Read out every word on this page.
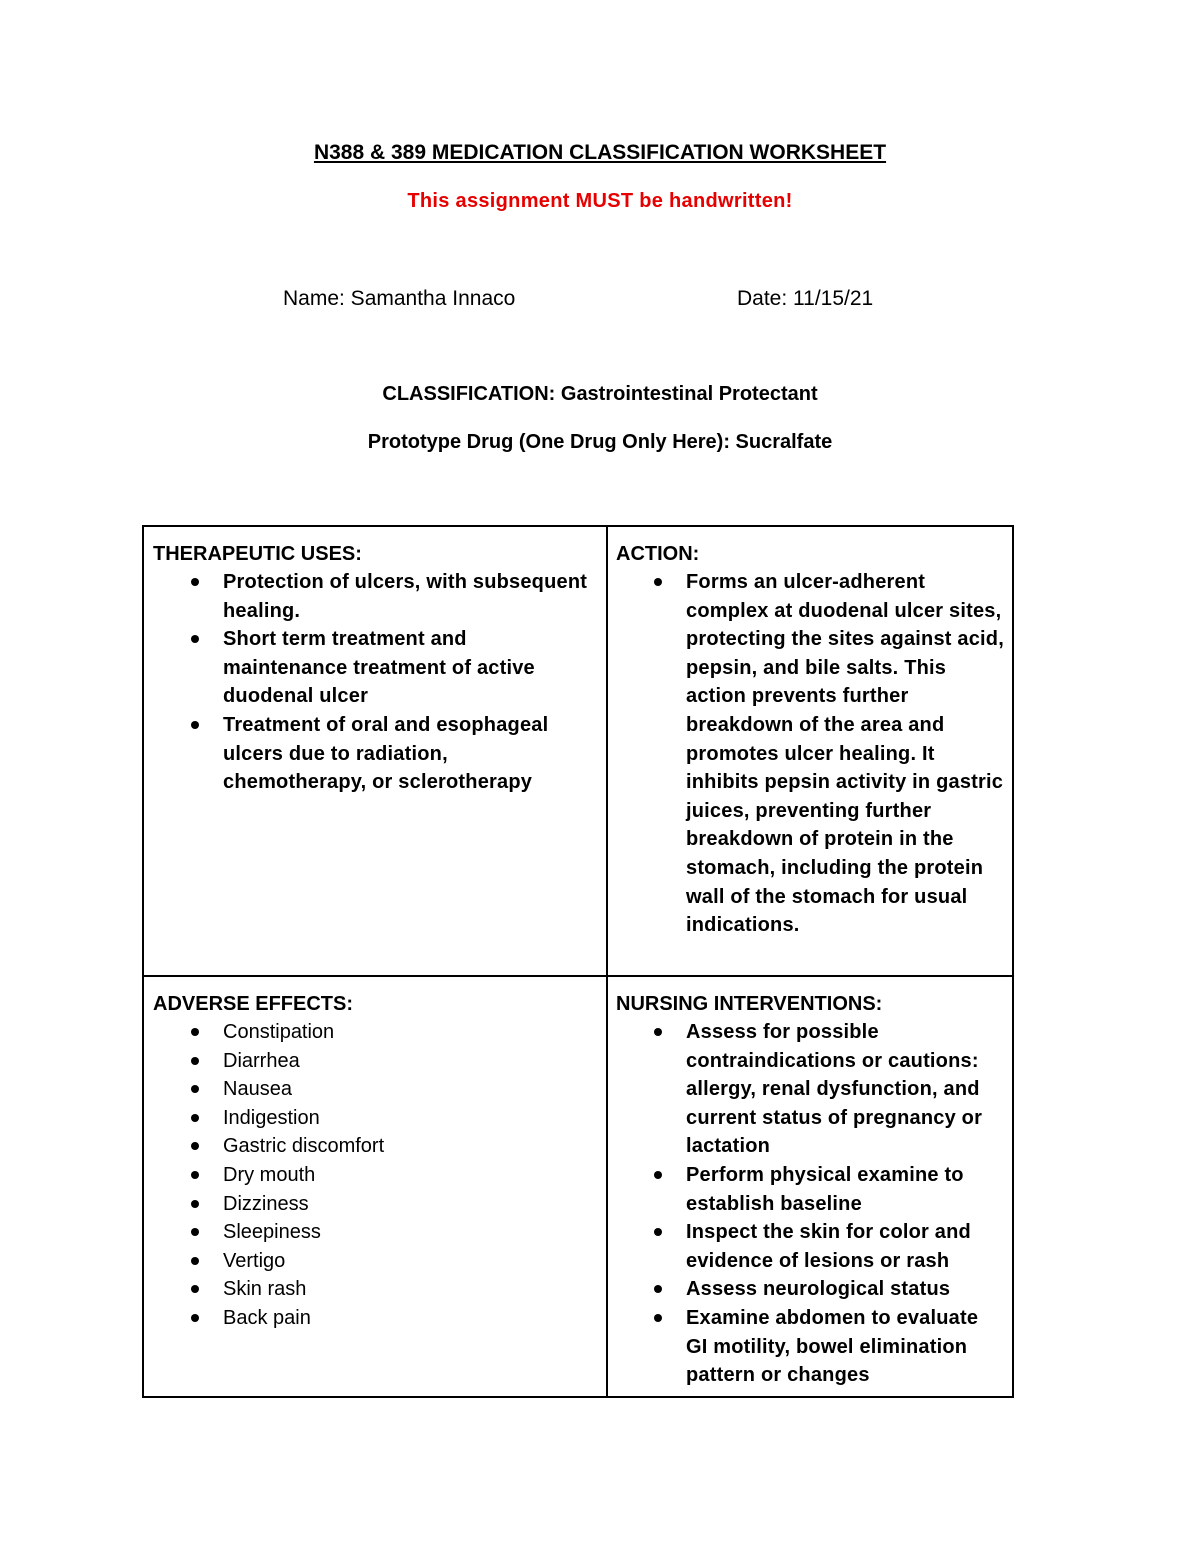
N388 & 389 MEDICATION CLASSIFICATION WORKSHEET
This assignment MUST be handwritten!
Name: Samantha Innaco	Date: 11/15/21
CLASSIFICATION: Gastrointestinal Protectant
Prototype Drug (One Drug Only Here): Sucralfate
THERAPEUTIC USES:
Protection of ulcers, with subsequent healing.
Short term treatment and maintenance treatment of active duodenal ulcer
Treatment of oral and esophageal ulcers due to radiation, chemotherapy, or sclerotherapy
ACTION:
Forms an ulcer-adherent complex at duodenal ulcer sites, protecting the sites against acid, pepsin, and bile salts. This action prevents further breakdown of the area and promotes ulcer healing. It inhibits pepsin activity in gastric juices, preventing further breakdown of protein in the stomach, including the protein wall of the stomach for usual indications.
ADVERSE EFFECTS:
Constipation
Diarrhea
Nausea
Indigestion
Gastric discomfort
Dry mouth
Dizziness
Sleepiness
Vertigo
Skin rash
Back pain
NURSING INTERVENTIONS:
Assess for possible contraindications or cautions: allergy, renal dysfunction, and current status of pregnancy or lactation
Perform physical examine to establish baseline
Inspect the skin for color and evidence of lesions or rash
Assess neurological status
Examine abdomen to evaluate GI motility, bowel elimination pattern or changes
